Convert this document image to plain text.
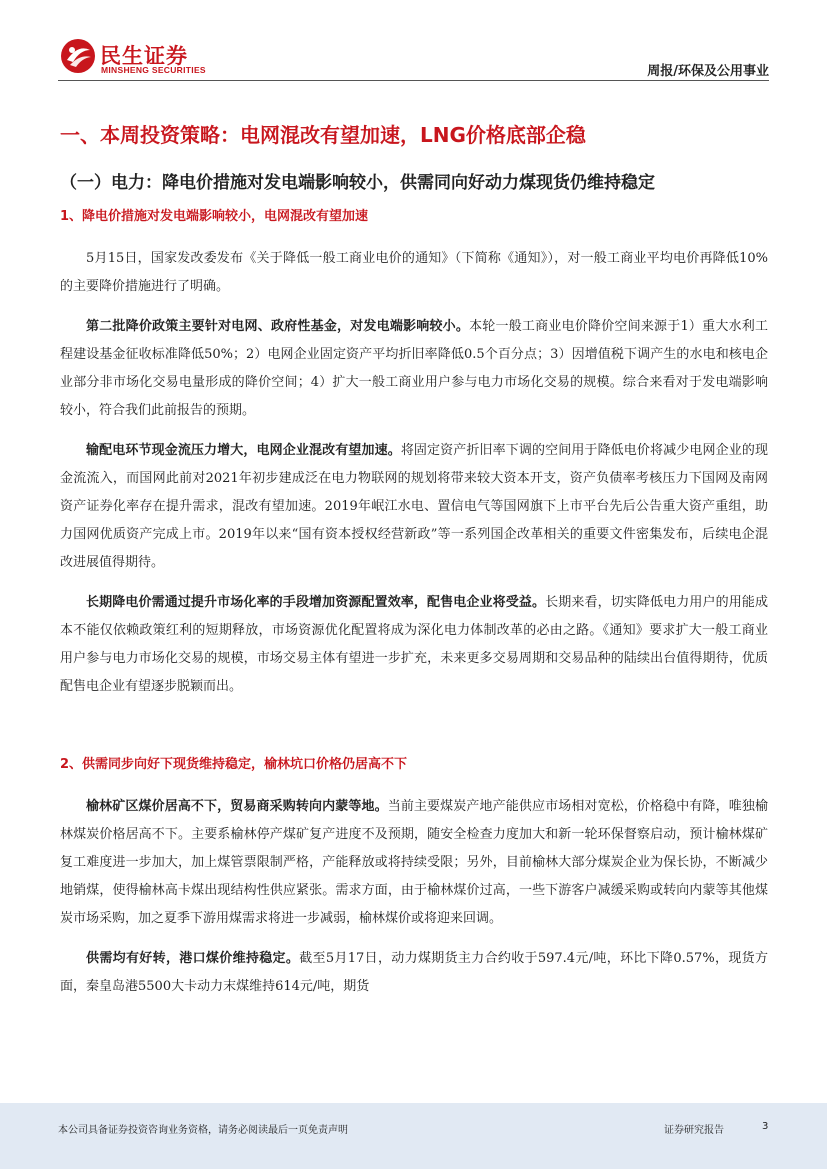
民生证券
MINSHENG SECURITIES	周报/环保及公用事业
一、本周投资策略：电网混改有望加速，LNG价格底部企稳
（一）电力：降电价措施对发电端影响较小，供需同向好动力煤现货仍维持稳定
1、降电价措施对发电端影响较小，电网混改有望加速

5月15日，国家发改委发布《关于降低一般工商业电价的通知》（下简称《通知》），对一般工商业平均电价再降低10%的主要降价措施进行了明确。

第二批降价政策主要针对电网、政府性基金，对发电端影响较小。本轮一般工商业电价降价空间来源于1）重大水利工程建设基金征收标准降低50%；2）电网企业固定资产平均折旧率降低0.5个百分点；3）因增值税下调产生的水电和核电企业部分非市场化交易电量形成的降价空间；4）扩大一般工商业用户参与电力市场化交易的规模。综合来看对于发电端影响较小，符合我们此前报告的预期。

输配电环节现金流压力增大，电网企业混改有望加速。将固定资产折旧率下调的空间用于降低电价将减少电网企业的现金流流入，而国网此前对2021年初步建成泛在电力物联网的规划将带来较大资本开支，资产负债率考核压力下国网及南网资产证券化率存在提升需求，混改有望加速。2019年岷江水电、置信电气等国网旗下上市平台先后公告重大资产重组，助力国网优质资产完成上市。2019年以来“国有资本授权经营新政”等一系列国企改革相关的重要文件密集发布，后续电企混改进展值得期待。

长期降电价需通过提升市场化率的手段增加资源配置效率，配售电企业将受益。长期来看，切实降低电力用户的用能成本不能仅依赖政策红利的短期释放，市场资源优化配置将成为深化电力体制改革的必由之路。《通知》要求扩大一般工商业用户参与电力市场化交易的规模，市场交易主体有望进一步扩充，未来更多交易周期和交易品种的陆续出台值得期待，优质配售电企业有望逐步脱颖而出。

2、供需同步向好下现货维持稳定，榆林坑口价格仍居高不下

榆林矿区煤价居高不下，贸易商采购转向内蒙等地。当前主要煤炭产地产能供应市场相对宽松，价格稳中有降，唯独榆林煤炭价格居高不下。主要系榆林停产煤矿复产进度不及预期，随安全检查力度加大和新一轮环保督察启动，预计榆林煤矿复工难度进一步加大，加上煤管票限制严格，产能释放或将持续受限；另外，目前榆林大部分煤炭企业为保长协，不断减少地销煤，使得榆林高卡煤出现结构性供应紧张。需求方面，由于榆林煤价过高，一些下游客户减缓采购或转向内蒙等其他煤炭市场采购，加之夏季下游用煤需求将进一步减弱，榆林煤价或将迎来回调。

供需均有好转，港口煤价维持稳定。截至5月17日，动力煤期货主力合约收于597.4元/吨，环比下降0.57%，现货方面，秦皇岛港5500大卡动力末煤维持614元/吨，期货

本公司具备证券投资咨询业务资格，请务必阅读最后一页免责声明	证券研究报告	3
